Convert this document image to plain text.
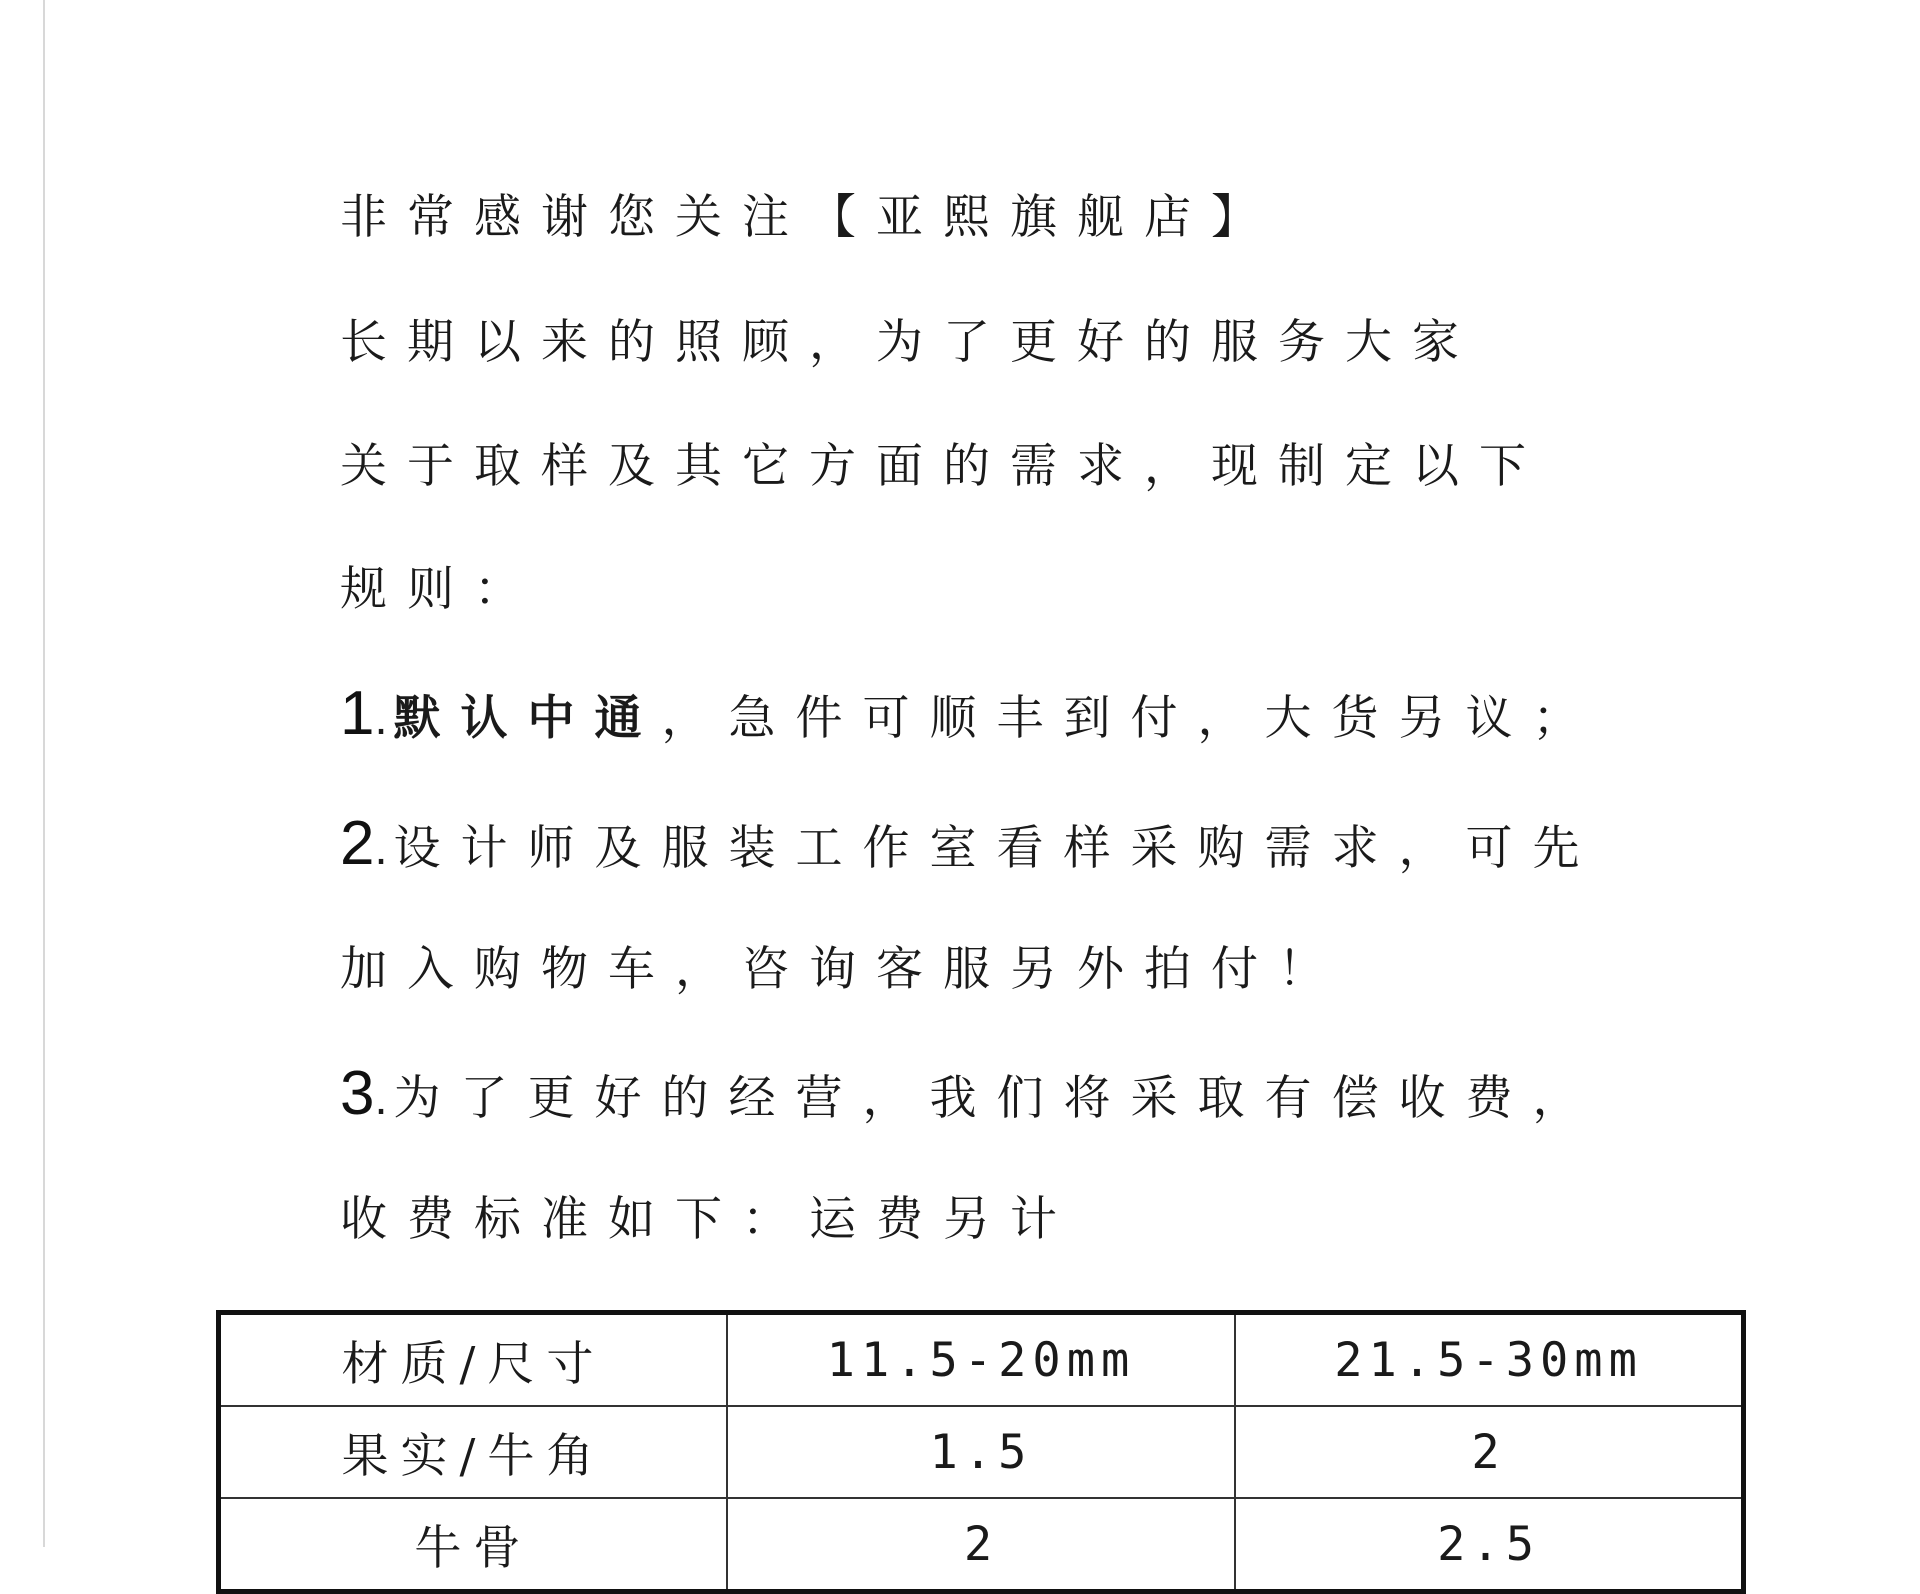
非常感谢您关注【亚熙旗舰店】
长期以来的照顾，为了更好的服务大家
关于取样及其它方面的需求，现制定以下
规则：
1.默认中通，急件可顺丰到付，大货另议；
2.设计师及服装工作室看样采购需求，可先
加入购物车，咨询客服另外拍付！
3.为了更好的经营，我们将采取有偿收费，
收费标准如下：运费另计
材质/尺寸	11.5-20mm	21.5-30mm
果实/牛角	1.5	2
牛骨	2	2.5
